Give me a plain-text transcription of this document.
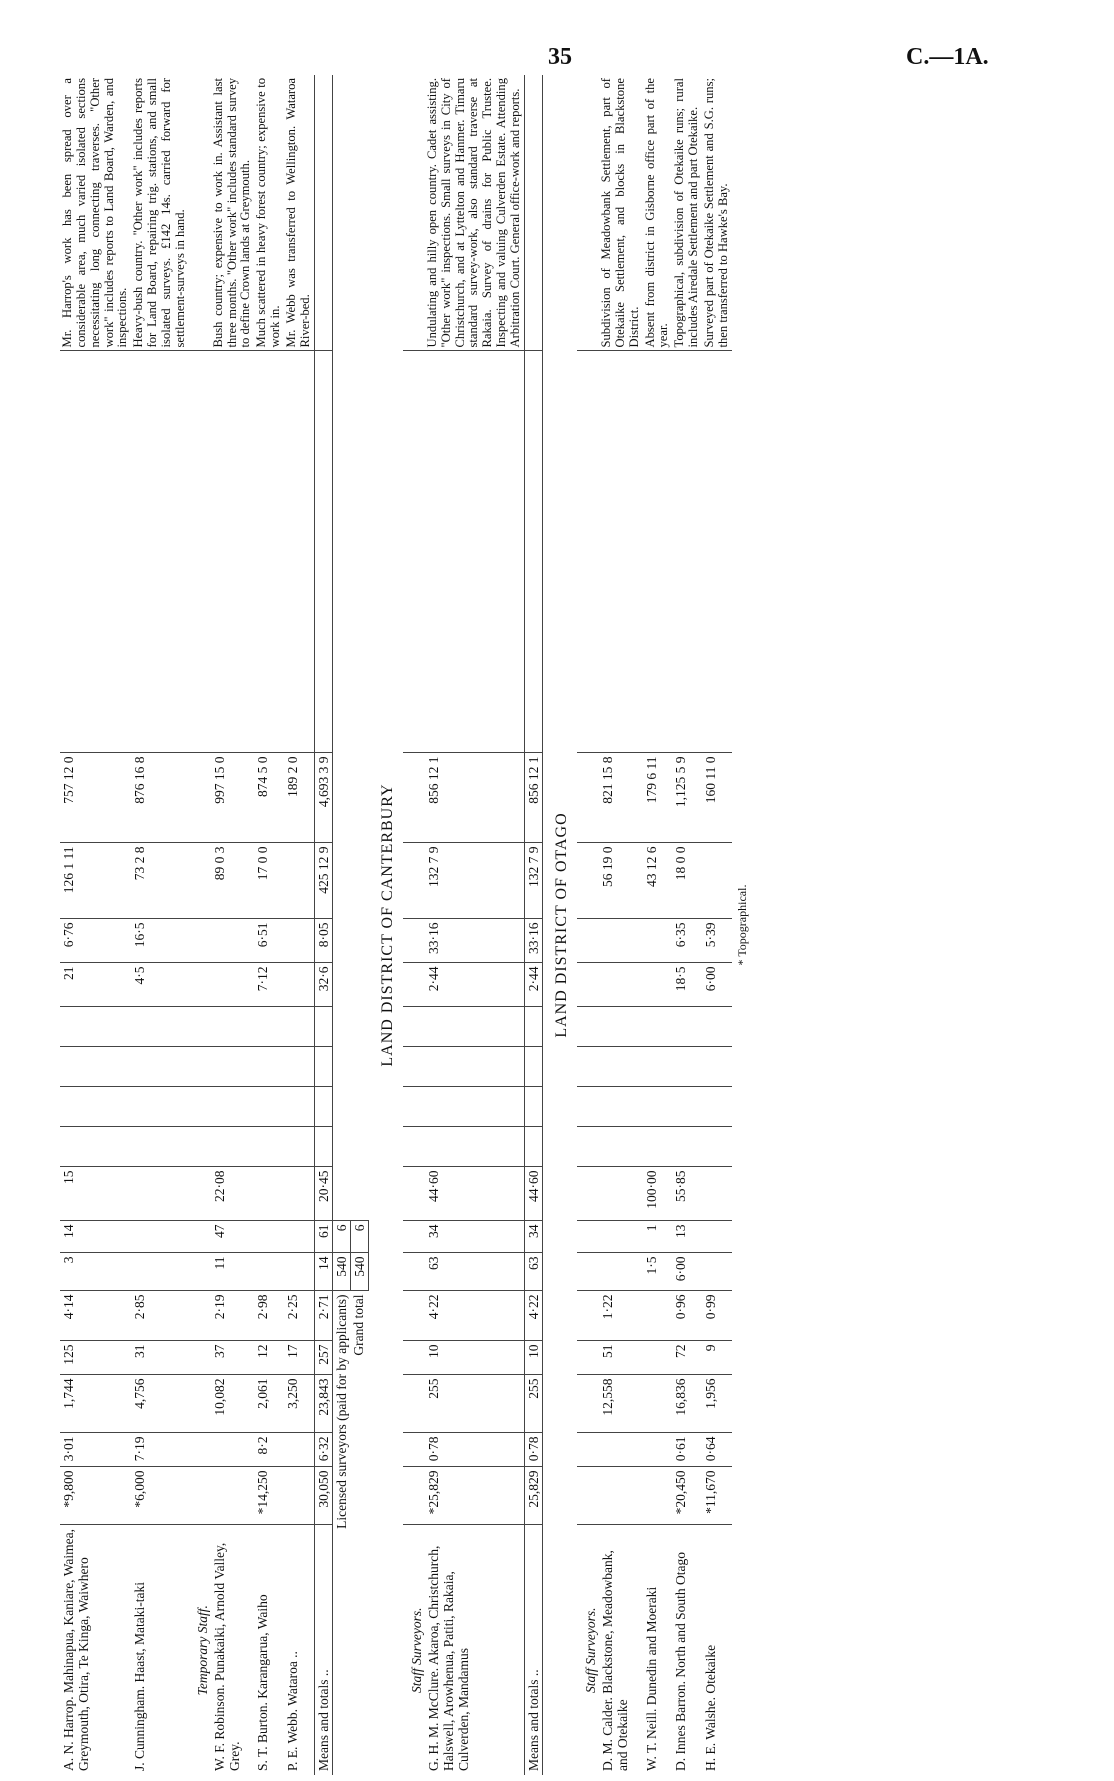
35	C.—1A.
A. N. Harrop. Mahinapua, Kaniare, Waimea, Greymouth, Otira, Te Kinga, Waiwhero	*9,800	3·01	1,744	125	4·14	3	14	15					21	6·76	126 1 11	757 12 0		Mr. Harrop's work has been spread over a considerable area, much varied isolated sections necessitating long connecting traverses. "Other work" includes reports to Land Board, Warden, and inspections.
J. Cunningham. Haast, Mataki-taki	*6,000	7·19	4,756	31	2·85								4·5	16·5	73 2 8	876 16 8		Heavy-bush country. "Other work" includes reports for Land Board, repairing trig. stations, and small isolated surveys. £142 14s. carried forward for settlement-surveys in hand.
Temporary Staff.																		
W. F. Robinson. Punakaiki, Arnold Valley, Grey.			10,082	37	2·19	11	47	22·08							89 0 3	997 15 0		Bush country; expensive to work in. Assistant last three months. "Other work" includes standard survey to define Crown lands at Greymouth.
S. T. Burton. Karangarua, Waiho	*14,250	8·2	2,061	12	2·98								7·12	6·51	17 0 0	874 5 0		Much scattered in heavy forest country; expensive to work in.
P. E. Webb. Wataroa ..			3,250	17	2·25											189 2 0		Mr. Webb was transferred to Wellington. Wataroa River-bed.
Means and totals ..	30,050	6·32	23,843	257	2·71	14	61	20·45					32·6	8·05	425 12 9	4,693 3 9		
Licensed surveyors (paid for by applicants)						540	6											
Grand total						540	6											
LAND DISTRICT OF CANTERBURY																		
Staff Surveyors.																		
G. H. M. McClure. Akaroa, Christchurch, Halswell, Arowhenua, Patiti, Rakaia, Culverden, Mandamus	*25,829	0·78	255	10	4·22	63	34	44·60					2·44	33·16	132 7 9	856 12 1		Undulating and hilly open country. Cadet assisting. "Other work" inspections. Small surveys in City of Christchurch, and at Lyttelton and Hanmer. Timaru standard survey-work, also standard traverse at Rakaia. Survey of drains for Public Trustee. Inspecting and valuing Culverden Estate. Attending Arbitration Court. General office-work and reports.
Means and totals ..	25,829	0·78	255	10	4·22	63	34	44·60					2·44	33·16	132 7 9	856 12 1		
LAND DISTRICT OF OTAGO																		
Staff Surveyors.																		
D. M. Calder. Blackstone, Meadowbank, and Otekaike			12,558	51	1·22										56 19 0	821 15 8		Subdivision of Meadowbank Settlement, part of Otekaike Settlement, and blocks in Blackstone District.
W. T. Neill. Dunedin and Moeraki						1·5	1	100·00							43 12 6	179 6 11		Absent from district in Gisborne office part of the year.
D. Innes Barron. North and South Otago	*20,450	0·61	16,836	72	0·96	6·00	13	55·85					18·5	6·35	18 0 0	1,125 5 9		Topographical, subdivision of Otekaike runs; rural includes Airedale Settlement and part Otekaike.
H. E. Walshe. Otekaike	*11,670	0·64	1,956	9	0·99								6·00	5·39		160 11 0		Surveyed part of Otekaike Settlement and S.G. runs; then transferred to Hawke's Bay.
* Topographical.																		
